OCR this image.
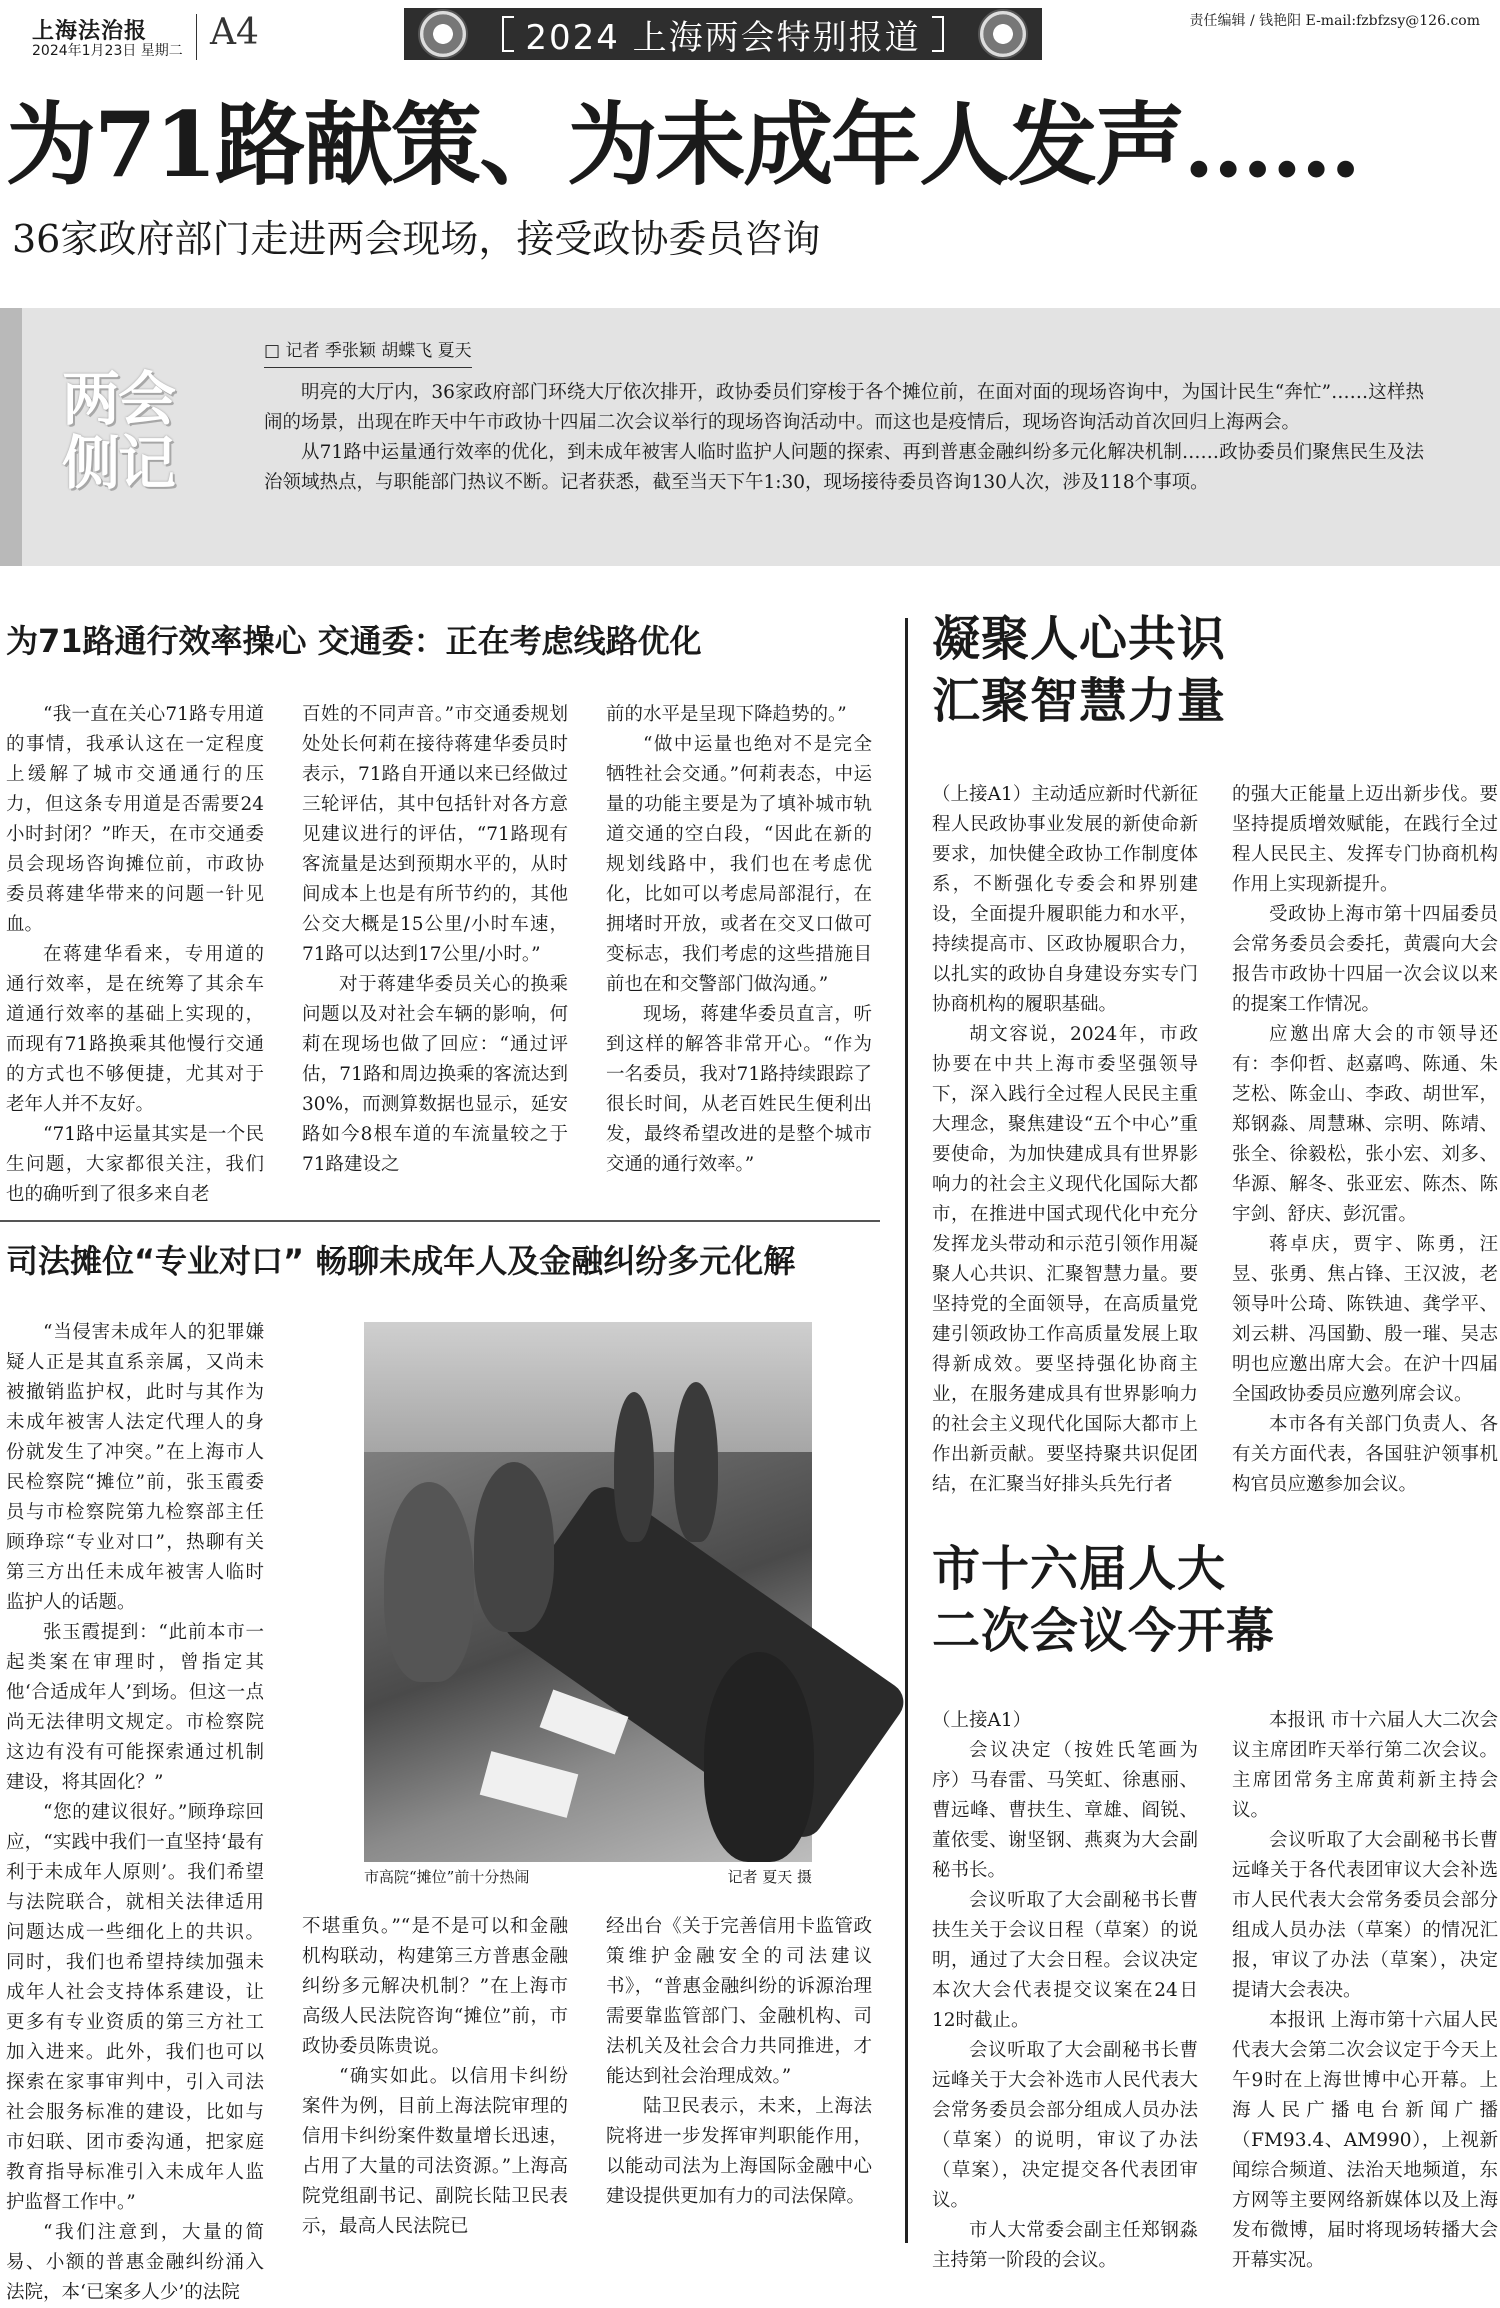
上海法治报
2024年1月23日 星期二 A4	2024 上海两会特别报道	责任编辑 / 钱艳阳 E-mail:fzbfzsy@126.com
为71路献策、为未成年人发声……
36家政府部门走进两会现场，接受政协委员咨询
两会
侧记
□ 记者 季张颖 胡蝶飞 夏天

明亮的大厅内，36家政府部门环绕大厅依次排开，政协委员们穿梭于各个摊位前，在面对面的现场咨询中，为国计民生“奔忙”……这样热闹的场景，出现在昨天中午市政协十四届二次会议举行的现场咨询活动中。而这也是疫情后，现场咨询活动首次回归上海两会。

从71路中运量通行效率的优化，到未成年被害人临时监护人问题的探索、再到普惠金融纠纷多元化解决机制……政协委员们聚焦民生及法治领域热点，与职能部门热议不断。记者获悉，截至当天下午1:30，现场接待委员咨询130人次，涉及118个事项。

为71路通行效率操心 交通委：正在考虑线路优化

“我一直在关心71路专用道的事情，我承认这在一定程度上缓解了城市交通通行的压力，但这条专用道是否需要24小时封闭？”昨天，在市交通委员会现场咨询摊位前，市政协委员蒋建华带来的问题一针见血。

在蒋建华看来，专用道的通行效率，是在统筹了其余车道通行效率的基础上实现的，而现有71路换乘其他慢行交通的方式也不够便捷，尤其对于老年人并不友好。

“71路中运量其实是一个民生问题，大家都很关注，我们也的确听到了很多来自老

百姓的不同声音。”市交通委规划处处长何莉在接待蒋建华委员时表示，71路自开通以来已经做过三轮评估，其中包括针对各方意见建议进行的评估，“71路现有客流量是达到预期水平的，从时间成本上也是有所节约的，其他公交大概是15公里/小时车速，71路可以达到17公里/小时。”

对于蒋建华委员关心的换乘问题以及对社会车辆的影响，何莉在现场也做了回应：“通过评估，71路和周边换乘的客流达到30%，而测算数据也显示，延安路如今8根车道的车流量较之于71路建设之

前的水平是呈现下降趋势的。”

“做中运量也绝对不是完全牺牲社会交通。”何莉表态，中运量的功能主要是为了填补城市轨道交通的空白段，“因此在新的规划线路中，我们也在考虑优化，比如可以考虑局部混行，在拥堵时开放，或者在交叉口做可变标志，我们考虑的这些措施目前也在和交警部门做沟通。”

现场，蒋建华委员直言，听到这样的解答非常开心。“作为一名委员，我对71路持续跟踪了很长时间，从老百姓民生便利出发，最终希望改进的是整个城市交通的通行效率。”

司法摊位“专业对口” 畅聊未成年人及金融纠纷多元化解

“当侵害未成年人的犯罪嫌疑人正是其直系亲属，又尚未被撤销监护权，此时与其作为未成年被害人法定代理人的身份就发生了冲突。”在上海市人民检察院“摊位”前，张玉霞委员与市检察院第九检察部主任顾琤琮“专业对口”，热聊有关第三方出任未成年被害人临时监护人的话题。

张玉霞提到：“此前本市一起类案在审理时，曾指定其他‘合适成年人’到场。但这一点尚无法律明文规定。市检察院这边有没有可能探索通过机制建设，将其固化？”

“您的建议很好。”顾琤琮回应，“实践中我们一直坚持‘最有利于未成年人原则’。我们希望与法院联合，就相关法律适用问题达成一些细化上的共识。同时，我们也希望持续加强未成年人社会支持体系建设，让更多有专业资质的第三方社工加入进来。此外，我们也可以探索在家事审判中，引入司法社会服务标准的建设，比如与市妇联、团市委沟通，把家庭教育指导标准引入未成年人监护监督工作中。”

“我们注意到，大量的简易、小额的普惠金融纠纷涌入法院，本‘已案多人少’的法院

市高院“摊位”前十分热闹	记者 夏天 摄

不堪重负。”“是不是可以和金融机构联动，构建第三方普惠金融纠纷多元解决机制？”在上海市高级人民法院咨询“摊位”前，市政协委员陈贵说。

“确实如此。以信用卡纠纷案件为例，目前上海法院审理的信用卡纠纷案件数量增长迅速，占用了大量的司法资源。”上海高院党组副书记、副院长陆卫民表示，最高人民法院已

经出台《关于完善信用卡监管政策维护金融安全的司法建议书》，“普惠金融纠纷的诉源治理需要靠监管部门、金融机构、司法机关及社会合力共同推进，才能达到社会治理成效。”

陆卫民表示，未来，上海法院将进一步发挥审判职能作用，以能动司法为上海国际金融中心建设提供更加有力的司法保障。

凝聚人心共识
汇聚智慧力量

（上接A1）主动适应新时代新征程人民政协事业发展的新使命新要求，加快健全政协工作制度体系，不断强化专委会和界别建设，全面提升履职能力和水平，持续提高市、区政协履职合力，以扎实的政协自身建设夯实专门协商机构的履职基础。

胡文容说，2024年，市政协要在中共上海市委坚强领导下，深入践行全过程人民民主重大理念，聚焦建设“五个中心”重要使命，为加快建成具有世界影响力的社会主义现代化国际大都市，在推进中国式现代化中充分发挥龙头带动和示范引领作用凝聚人心共识、汇聚智慧力量。要坚持党的全面领导，在高质量党建引领政协工作高质量发展上取得新成效。要坚持强化协商主业，在服务建成具有世界影响力的社会主义现代化国际大都市上作出新贡献。要坚持聚共识促团结，在汇聚当好排头兵先行者

的强大正能量上迈出新步伐。要坚持提质增效赋能，在践行全过程人民民主、发挥专门协商机构作用上实现新提升。

受政协上海市第十四届委员会常务委员会委托，黄震向大会报告市政协十四届一次会议以来的提案工作情况。

应邀出席大会的市领导还有：李仰哲、赵嘉鸣、陈通、朱芝松、陈金山、李政、胡世军，郑钢淼、周慧琳、宗明、陈靖、张全、徐毅松，张小宏、刘多、华源、解冬、张亚宏、陈杰、陈宇剑、舒庆、彭沉雷。

蒋卓庆，贾宇、陈勇，汪昱、张勇、焦占锋、王汉波，老领导叶公琦、陈铁迪、龚学平、刘云耕、冯国勤、殷一璀、吴志明也应邀出席大会。在沪十四届全国政协委员应邀列席会议。

本市各有关部门负责人、各有关方面代表，各国驻沪领事机构官员应邀参加会议。

市十六届人大
二次会议今开幕

（上接A1）

会议决定（按姓氏笔画为序）马春雷、马笑虹、徐惠丽、曹远峰、曹扶生、章雄、阎锐、董依雯、谢坚钢、燕爽为大会副秘书长。

会议听取了大会副秘书长曹扶生关于会议日程（草案）的说明，通过了大会日程。会议决定本次大会代表提交议案在24日12时截止。

会议听取了大会副秘书长曹远峰关于大会补选市人民代表大会常务委员会部分组成人员办法（草案）的说明，审议了办法（草案），决定提交各代表团审议。

市人大常委会副主任郑钢淼主持第一阶段的会议。

本报讯 市十六届人大二次会议主席团昨天举行第二次会议。主席团常务主席黄莉新主持会议。

会议听取了大会副秘书长曹远峰关于各代表团审议大会补选市人民代表大会常务委员会部分组成人员办法（草案）的情况汇报，审议了办法（草案），决定提请大会表决。

本报讯 上海市第十六届人民代表大会第二次会议定于今天上午9时在上海世博中心开幕。上海人民广播电台新闻广播（FM93.4、AM990），上视新闻综合频道、法治天地频道，东方网等主要网络新媒体以及上海发布微博，届时将现场转播大会开幕实况。
